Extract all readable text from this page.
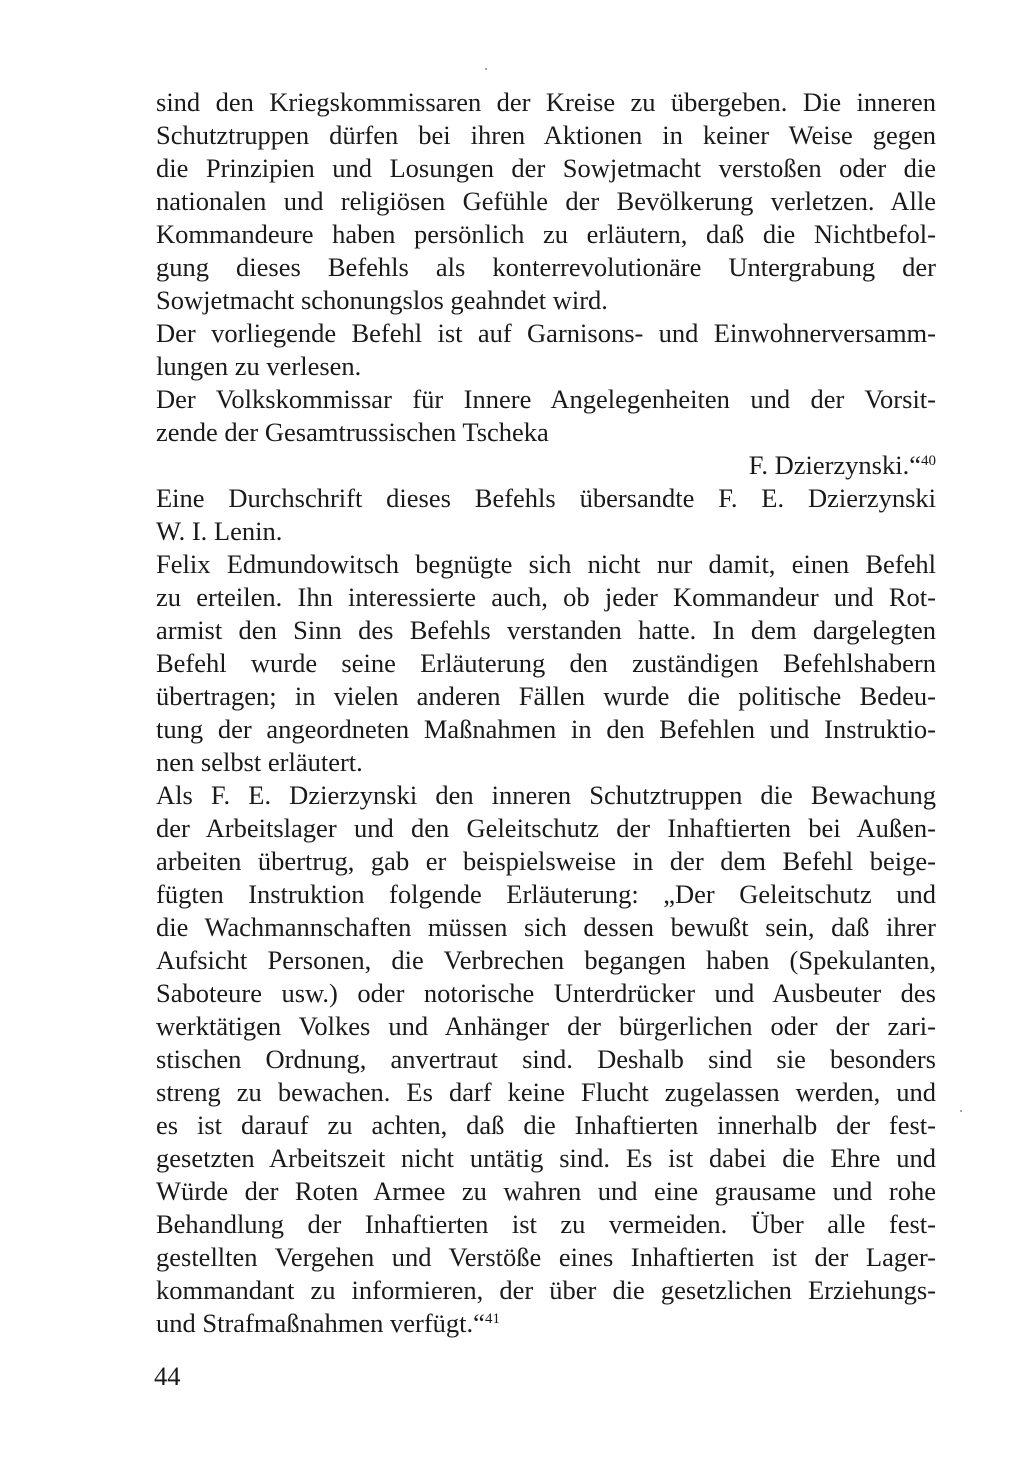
sind den Kriegskommissaren der Kreise zu übergeben. Die inneren
Schutztruppen dürfen bei ihren Aktionen in keiner Weise gegen
die Prinzipien und Losungen der Sowjetmacht verstoßen oder die
nationalen und religiösen Gefühle der Bevölkerung verletzen. Alle
Kommandeure haben persönlich zu erläutern, daß die Nichtbefol-
gung dieses Befehls als konterrevolutionäre Untergrabung der
Sowjetmacht schonungslos geahndet wird.
Der vorliegende Befehl ist auf Garnisons- und Einwohnerversamm-
lungen zu verlesen.
Der Volkskommissar für Innere Angelegenheiten und der Vorsit-
zende der Gesamtrussischen Tscheka
F. Dzierzynski.“$^{40}$
Eine Durchschrift dieses Befehls übersandte F. E. Dzierzynski
W. I. Lenin.
Felix Edmundowitsch begnügte sich nicht nur damit, einen Befehl
zu erteilen. Ihn interessierte auch, ob jeder Kommandeur und Rot-
armist den Sinn des Befehls verstanden hatte. In dem dargelegten
Befehl wurde seine Erläuterung den zuständigen Befehlshabern
übertragen; in vielen anderen Fällen wurde die politische Bedeu-
tung der angeordneten Maßnahmen in den Befehlen und Instruktio-
nen selbst erläutert.
Als F. E. Dzierzynski den inneren Schutztruppen die Bewachung
der Arbeitslager und den Geleitschutz der Inhaftierten bei Außen-
arbeiten übertrug, gab er beispielsweise in der dem Befehl beige-
fügten Instruktion folgende Erläuterung: „Der Geleitschutz und
die Wachmannschaften müssen sich dessen bewußt sein, daß ihrer
Aufsicht Personen, die Verbrechen begangen haben (Spekulanten,
Saboteure usw.) oder notorische Unterdrücker und Ausbeuter des
werktätigen Volkes und Anhänger der bürgerlichen oder der zari-
stischen Ordnung, anvertraut sind. Deshalb sind sie besonders
streng zu bewachen. Es darf keine Flucht zugelassen werden, und
es ist darauf zu achten, daß die Inhaftierten innerhalb der fest-
gesetzten Arbeitszeit nicht untätig sind. Es ist dabei die Ehre und
Würde der Roten Armee zu wahren und eine grausame und rohe
Behandlung der Inhaftierten ist zu vermeiden. Über alle fest-
gestellten Vergehen und Verstöße eines Inhaftierten ist der Lager-
kommandant zu informieren, der über die gesetzlichen Erziehungs-
und Strafmaßnahmen verfügt.“$^{41}$
44
